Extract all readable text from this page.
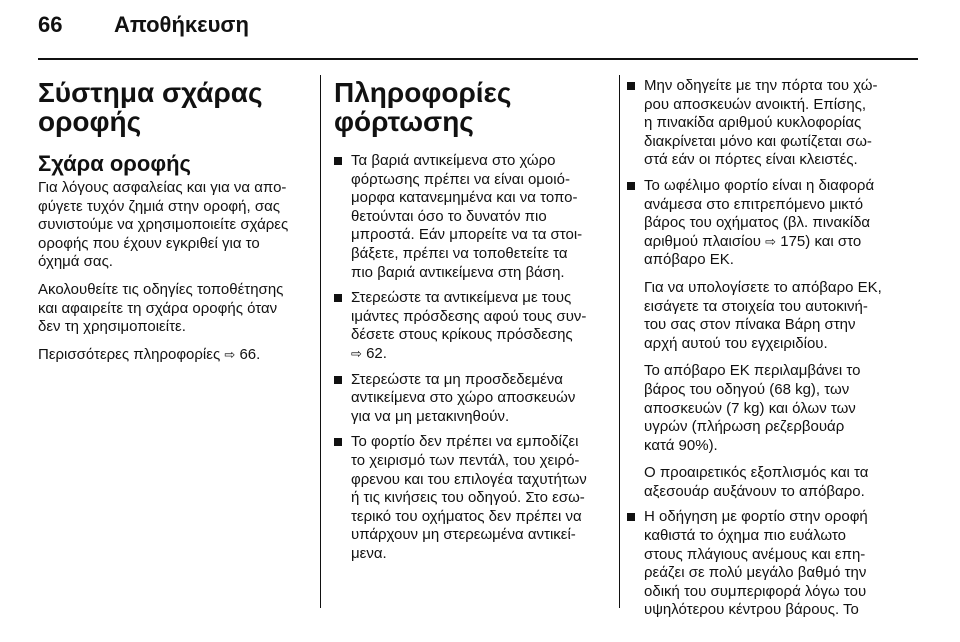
66 Αποθήκευση
Σύστημα σχάρας
οροφής
Σχάρα οροφής

Για λόγους ασφαλείας και για να απο-
φύγετε τυχόν ζημιά στην οροφή, σας
συνιστούμε να χρησιμοποιείτε σχάρες
οροφής που έχουν εγκριθεί για το
όχημά σας.

Ακολουθείτε τις οδηγίες τοποθέτησης
και αφαιρείτε τη σχάρα οροφής όταν
δεν τη χρησιμοποιείτε.

Περισσότερες πληροφορίες ⇨ 66.

Πληροφορίες
φόρτωσης
Τα βαριά αντικείμενα στο χώρο
φόρτωσης πρέπει να είναι ομοιό-
μορφα κατανεμημένα και να τοπο-
θετούνται όσο το δυνατόν πιο
μπροστά. Εάν μπορείτε να τα στοι-
βάξετε, πρέπει να τοποθετείτε τα
πιο βαριά αντικείμενα στη βάση.
Στερεώστε τα αντικείμενα με τους
ιμάντες πρόσδεσης αφού τους συν-
δέσετε στους κρίκους πρόσδεσης
⇨ 62.
Στερεώστε τα μη προσδεδεμένα
αντικείμενα στο χώρο αποσκευών
για να μη μετακινηθούν.
Το φορτίο δεν πρέπει να εμποδίζει
το χειρισμό των πεντάλ, του χειρό-
φρενου και του επιλογέα ταχυτήτων
ή τις κινήσεις του οδηγού. Στο εσω-
τερικό του οχήματος δεν πρέπει να
υπάρχουν μη στερεωμένα αντικεί-
μενα.
Μην οδηγείτε με την πόρτα του χώ-
ρου αποσκευών ανοικτή. Επίσης,
η πινακίδα αριθμού κυκλοφορίας
διακρίνεται μόνο και φωτίζεται σω-
στά εάν οι πόρτες είναι κλειστές.
Το ωφέλιμο φορτίο είναι η διαφορά
ανάμεσα στο επιτρεπόμενο μικτό
βάρος του οχήματος (βλ. πινακίδα
αριθμού πλαισίου ⇨ 175) και στο
απόβαρο ΕΚ.
Για να υπολογίσετε το απόβαρο ΕΚ,
εισάγετε τα στοιχεία του αυτοκινή-
του σας στον πίνακα Βάρη στην
αρχή αυτού του εγχειριδίου.
Το απόβαρο ΕΚ περιλαμβάνει το
βάρος του οδηγού (68 kg), των
αποσκευών (7 kg) και όλων των
υγρών (πλήρωση ρεζερβουάρ
κατά 90%).
Ο προαιρετικός εξοπλισμός και τα
αξεσουάρ αυξάνουν το απόβαρο.
Η οδήγηση με φορτίο στην οροφή
καθιστά το όχημα πιο ευάλωτο
στους πλάγιους ανέμους και επη-
ρεάζει σε πολύ μεγάλο βαθμό την
οδική του συμπεριφορά λόγω του
υψηλότερου κέντρου βάρους. Το
